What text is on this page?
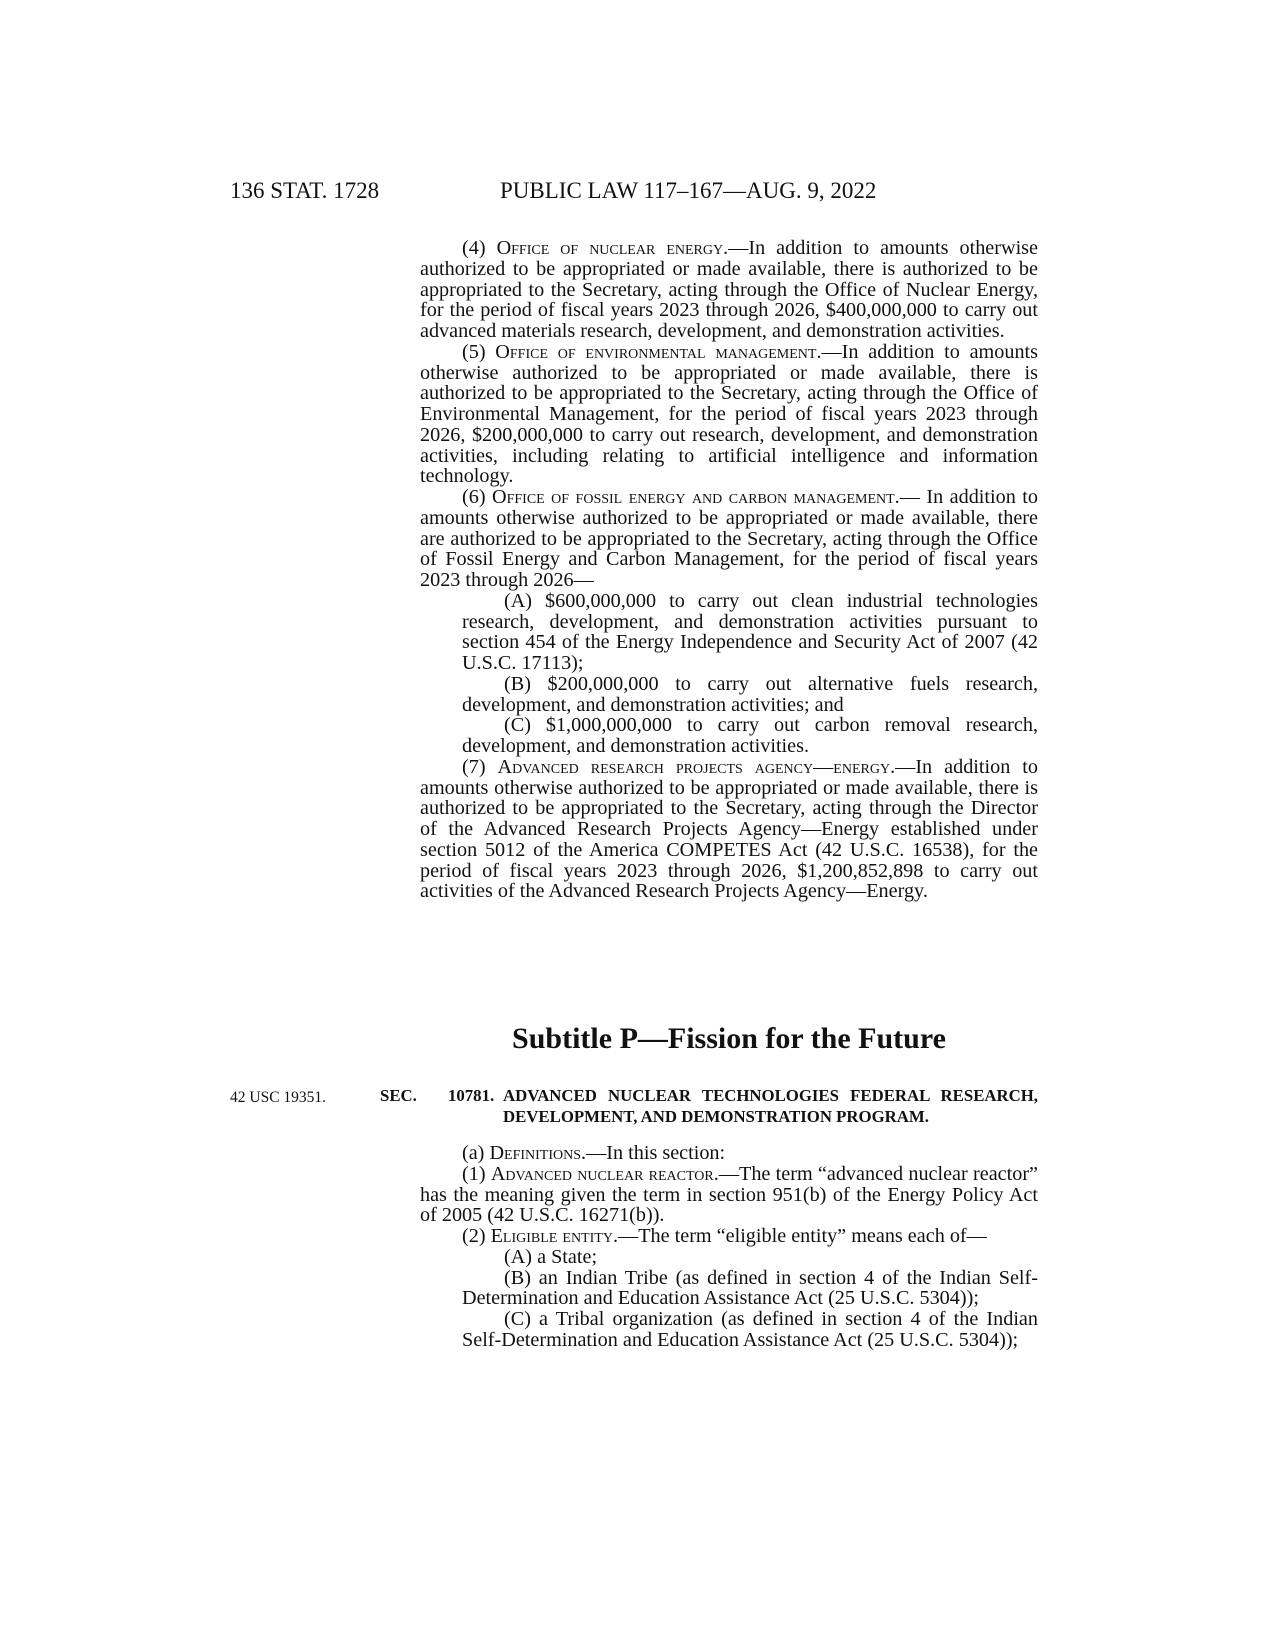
136 STAT. 1728	PUBLIC LAW 117–167—AUG. 9, 2022

(4) Office of nuclear energy.—In addition to amounts otherwise authorized to be appropriated or made available, there is authorized to be appropriated to the Secretary, acting through the Office of Nuclear Energy, for the period of fiscal years 2023 through 2026, $400,000,000 to carry out advanced materials research, development, and demonstration activities.

(5) Office of environmental management.—In addition to amounts otherwise authorized to be appropriated or made available, there is authorized to be appropriated to the Secretary, acting through the Office of Environmental Management, for the period of fiscal years 2023 through 2026, $200,000,000 to carry out research, development, and demonstration activities, including relating to artificial intelligence and information technology.

(6) Office of fossil energy and carbon management.— In addition to amounts otherwise authorized to be appropriated or made available, there are authorized to be appropriated to the Secretary, acting through the Office of Fossil Energy and Carbon Management, for the period of fiscal years 2023 through 2026—

(A) $600,000,000 to carry out clean industrial technologies research, development, and demonstration activities pursuant to section 454 of the Energy Independence and Security Act of 2007 (42 U.S.C. 17113);

(B) $200,000,000 to carry out alternative fuels research, development, and demonstration activities; and

(C) $1,000,000,000 to carry out carbon removal research, development, and demonstration activities.

(7) Advanced research projects agency—energy.—In addition to amounts otherwise authorized to be appropriated or made available, there is authorized to be appropriated to the Secretary, acting through the Director of the Advanced Research Projects Agency—Energy established under section 5012 of the America COMPETES Act (42 U.S.C. 16538), for the period of fiscal years 2023 through 2026, $1,200,852,898 to carry out activities of the Advanced Research Projects Agency—Energy.

Subtitle P—Fission for the Future
42 USC 19351.	SEC. 10781. ADVANCED NUCLEAR TECHNOLOGIES FEDERAL RESEARCH, DEVELOPMENT, AND DEMONSTRATION PROGRAM.

(a) Definitions.—In this section:

(1) Advanced nuclear reactor.—The term “advanced nuclear reactor” has the meaning given the term in section 951(b) of the Energy Policy Act of 2005 (42 U.S.C. 16271(b)).

(2) Eligible entity.—The term “eligible entity” means each of—

(A) a State;

(B) an Indian Tribe (as defined in section 4 of the Indian Self-Determination and Education Assistance Act (25 U.S.C. 5304));

(C) a Tribal organization (as defined in section 4 of the Indian Self-Determination and Education Assistance Act (25 U.S.C. 5304));
